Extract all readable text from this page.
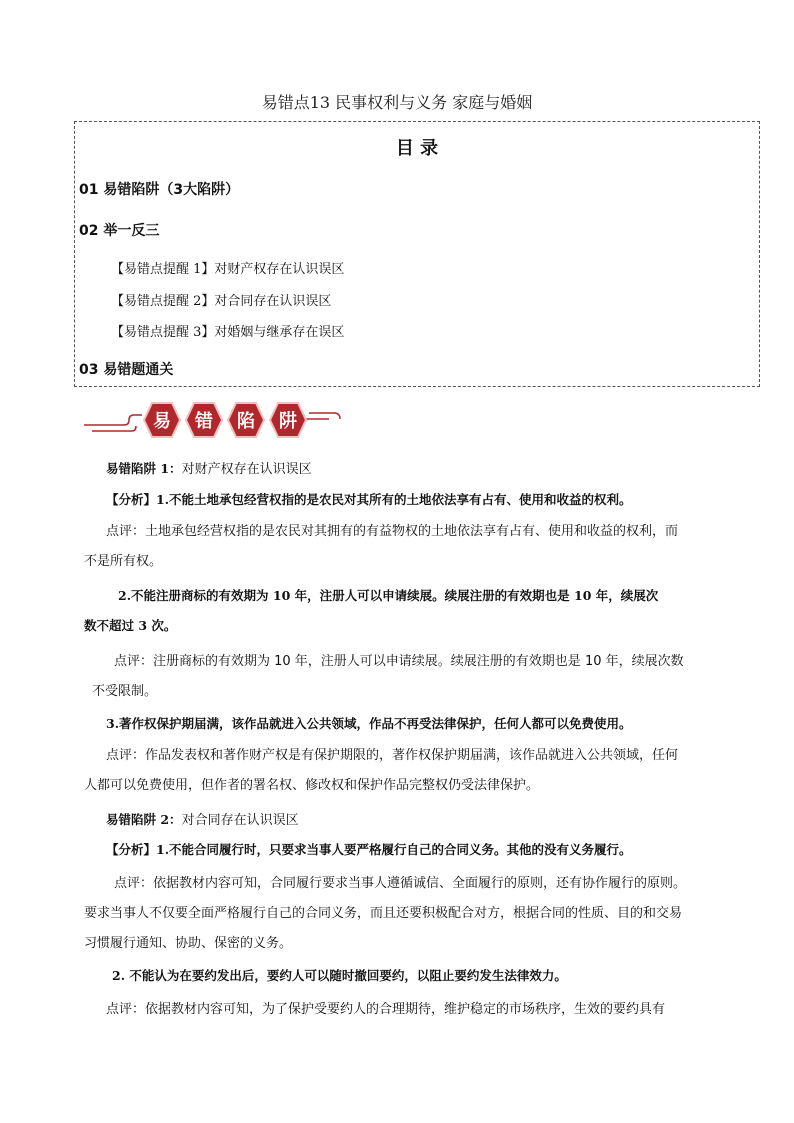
易错点13 民事权利与义务 家庭与婚姻
目 录
01 易错陷阱（3大陷阱）
02 举一反三
【易错点提醒 1】对财产权存在认识误区
【易错点提醒 2】对合同存在认识误区
【易错点提醒 3】对婚姻与继承存在误区
03 易错题通关
易 错 陷 阱
易错陷阱 1：对财产权存在认识误区
【分析】1.不能土地承包经营权指的是农民对其所有的土地依法享有占有、使用和收益的权利。
点评：土地承包经营权指的是农民对其拥有的有益物权的土地依法享有占有、使用和收益的权利，而
不是所有权。
2.不能注册商标的有效期为 10 年，注册人可以申请续展。续展注册的有效期也是 10 年，续展次
数不超过 3 次。
点评：注册商标的有效期为 10 年，注册人可以申请续展。续展注册的有效期也是 10 年，续展次数
不受限制。
3.著作权保护期届满，该作品就进入公共领域，作品不再受法律保护，任何人都可以免费使用。
点评：作品发表权和著作财产权是有保护期限的，著作权保护期届满，该作品就进入公共领域，任何
人都可以免费使用，但作者的署名权、修改权和保护作品完整权仍受法律保护。
易错陷阱 2：对合同存在认识误区
【分析】1.不能合同履行时，只要求当事人要严格履行自己的合同义务。其他的没有义务履行。
点评：依据教材内容可知，合同履行要求当事人遵循诚信、全面履行的原则，还有协作履行的原则。
要求当事人不仅要全面严格履行自己的合同义务，而且还要积极配合对方，根据合同的性质、目的和交易
习惯履行通知、协助、保密的义务。
2. 不能认为在要约发出后，要约人可以随时撤回要约，以阻止要约发生法律效力。
点评：依据教材内容可知，为了保护受要约人的合理期待，维护稳定的市场秩序，生效的要约具有
